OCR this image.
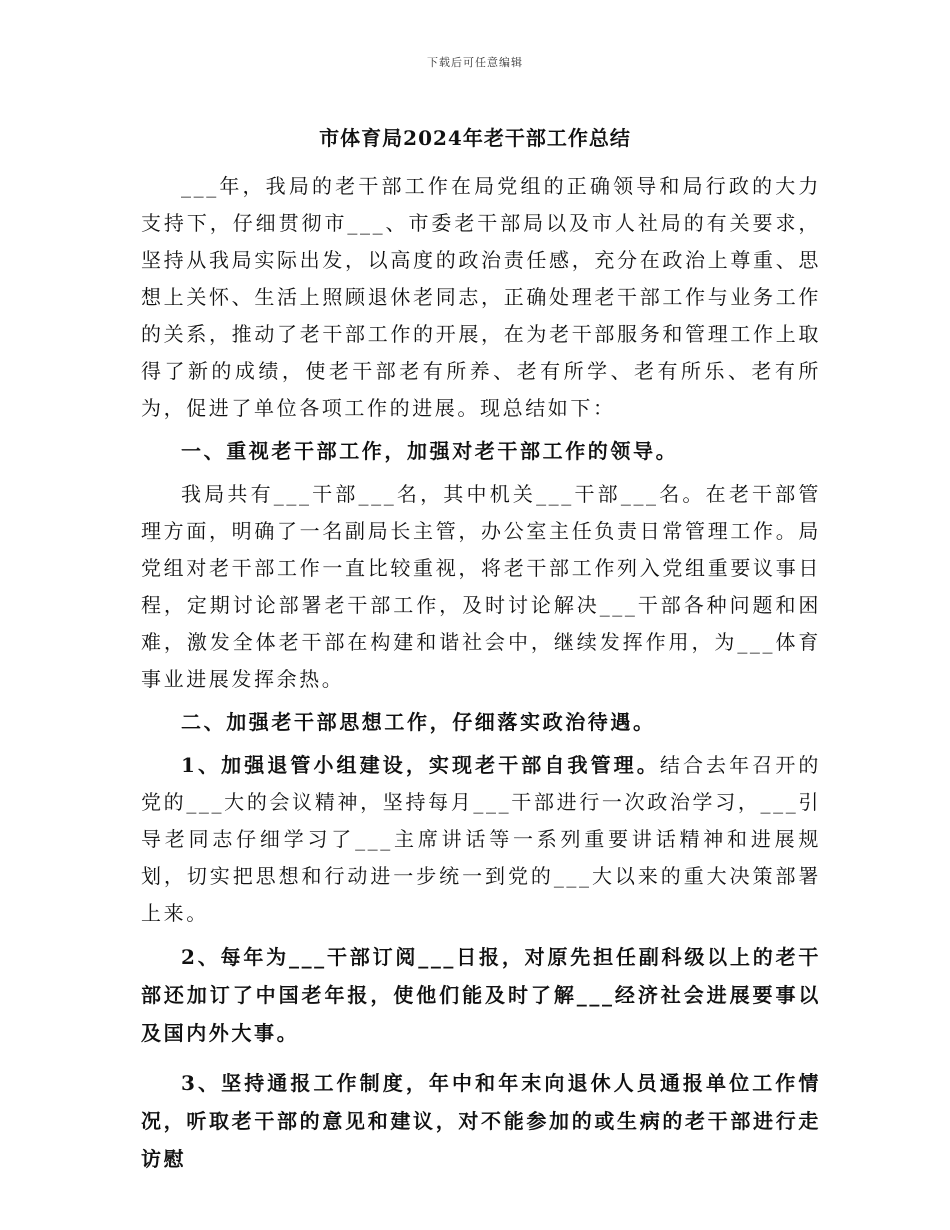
下载后可任意编辑
市体育局2024年老干部工作总结

___年，我局的老干部工作在局党组的正确领导和局行政的大力支持下，仔细贯彻市___、市委老干部局以及市人社局的有关要求，坚持从我局实际出发，以高度的政治责任感，充分在政治上尊重、思想上关怀、生活上照顾退休老同志，正确处理老干部工作与业务工作的关系，推动了老干部工作的开展，在为老干部服务和管理工作上取得了新的成绩，使老干部老有所养、老有所学、老有所乐、老有所为，促进了单位各项工作的进展。现总结如下：

一、重视老干部工作，加强对老干部工作的领导。

我局共有___干部___名，其中机关___干部___名。在老干部管理方面，明确了一名副局长主管，办公室主任负责日常管理工作。局党组对老干部工作一直比较重视，将老干部工作列入党组重要议事日程，定期讨论部署老干部工作，及时讨论解决___干部各种问题和困难，激发全体老干部在构建和谐社会中，继续发挥作用，为___体育事业进展发挥余热。

二、加强老干部思想工作，仔细落实政治待遇。

1、加强退管小组建设，实现老干部自我管理。结合去年召开的党的___大的会议精神，坚持每月___干部进行一次政治学习，___引导老同志仔细学习了___主席讲话等一系列重要讲话精神和进展规划，切实把思想和行动进一步统一到党的___大以来的重大决策部署上来。

2、每年为___干部订阅___日报，对原先担任副科级以上的老干部还加订了中国老年报，使他们能及时了解___经济社会进展要事以及国内外大事。

3、坚持通报工作制度，年中和年末向退休人员通报单位工作情况，听取老干部的意见和建议，对不能参加的或生病的老干部进行走访慰
